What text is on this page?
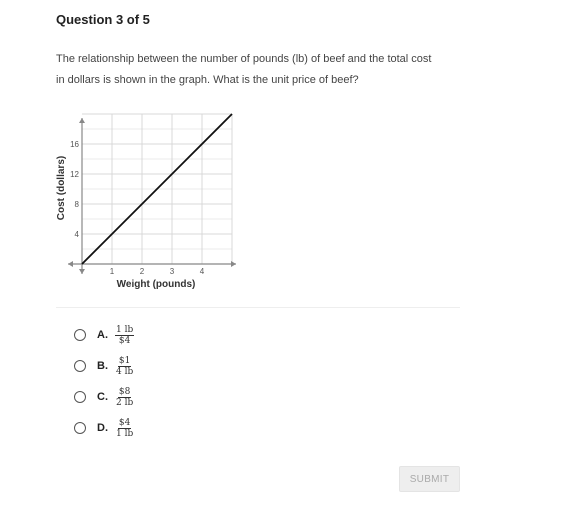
Question 3 of 5
The relationship between the number of pounds (lb) of beef and the total cost
in dollars is shown in the graph. What is the unit price of beef?
1	2	3	4
4
8
12
16
Weight (pounds)
Cost (dollars)
A. $\frac{1 lb}{\$4}$
B. $\frac{\$1}{4 lb}$
C. $\frac{\$8}{2 lb}$
D. $\frac{\$4}{1 lb}$
SUBMIT
